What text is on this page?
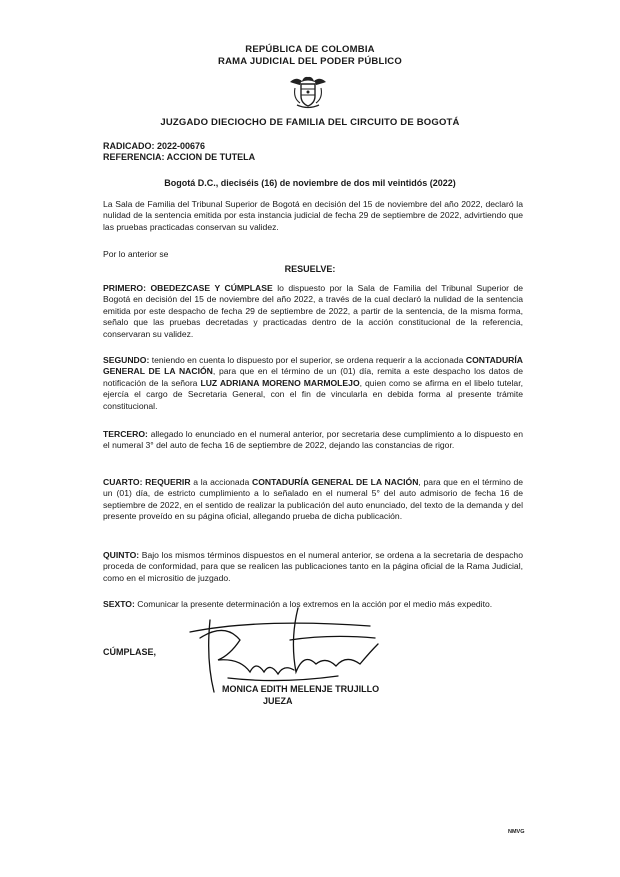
REPÚBLICA DE COLOMBIA
RAMA JUDICIAL DEL PODER PÚBLICO
JUZGADO DIECIOCHO DE FAMILIA DEL CIRCUITO DE BOGOTÁ
RADICADO: 2022-00676
REFERENCIA: ACCION DE TUTELA
Bogotá D.C., dieciséis (16) de noviembre de dos mil veintidós (2022)
La Sala de Familia del Tribunal Superior de Bogotá en decisión del 15 de noviembre del año 2022, declaró la nulidad de la sentencia emitida por esta instancia judicial de fecha 29 de septiembre de 2022, advirtiendo que las pruebas practicadas conservan su validez.
Por lo anterior se
RESUELVE:
PRIMERO: OBEDEZCASE Y CÚMPLASE lo dispuesto por la Sala de Familia del Tribunal Superior de Bogotá en decisión del 15 de noviembre del año 2022, a través de la cual declaró la nulidad de la sentencia emitida por este despacho de fecha 29 de septiembre de 2022, a partir de la sentencia, de la misma forma, señalo que las pruebas decretadas y practicadas dentro de la acción constitucional de la referencia, conservaran su validez.
SEGUNDO: teniendo en cuenta lo dispuesto por el superior, se ordena requerir a la accionada CONTADURÍA GENERAL DE LA NACIÓN, para que en el término de un (01) día, remita a este despacho los datos de notificación de la señora LUZ ADRIANA MORENO MARMOLEJO, quien como se afirma en el libelo tutelar, ejercía el cargo de Secretaria General, con el fin de vincularla en debida forma al presente trámite constitucional.
TERCERO: allegado lo enunciado en el numeral anterior, por secretaria dese cumplimiento a lo dispuesto en el numeral 3° del auto de fecha 16 de septiembre de 2022, dejando las constancias de rigor.
CUARTO: REQUERIR a la accionada CONTADURÍA GENERAL DE LA NACIÓN, para que en el término de un (01) día, de estricto cumplimiento a lo señalado en el numeral 5° del auto admisorio de fecha 16 de septiembre de 2022, en el sentido de realizar la publicación del auto enunciado, del texto de la demanda y del presente proveído en su página oficial, allegando prueba de dicha publicación.
QUINTO: Bajo los mismos términos dispuestos en el numeral anterior, se ordena a la secretaria de despacho proceda de conformidad, para que se realicen las publicaciones tanto en la página oficial de la Rama Judicial, como en el micrositio de juzgado.
SEXTO: Comunicar la presente determinación a los extremos en la acción por el medio más expedito.
CÚMPLASE,
MONICA EDITH MELENJE TRUJILLO
JUEZA
NMVG
